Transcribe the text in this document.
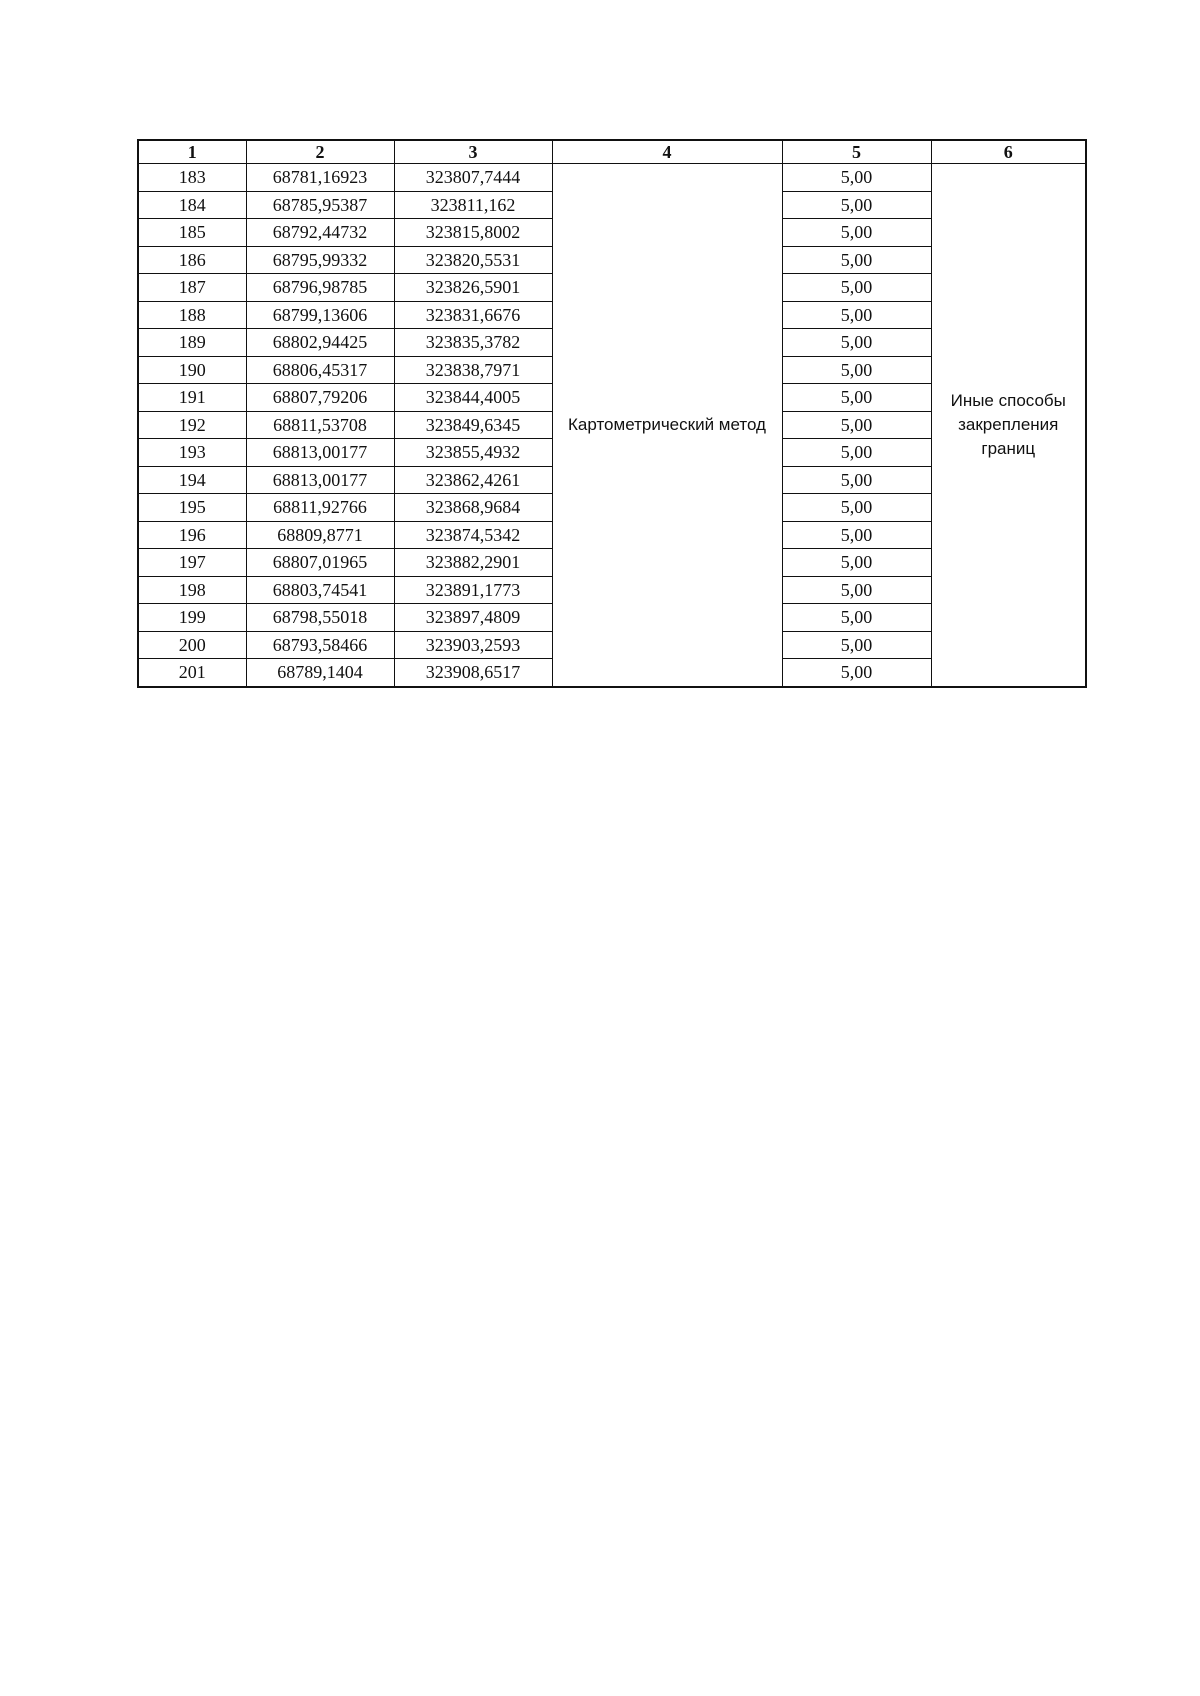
1	2	3	4	5	6
183	68781,16923	323807,7444	Картометрический метод	5,00	Иные способы
закрепления
границ

184	68785,95387	323811,162		5,00	
185	68792,44732	323815,8002		5,00	
186	68795,99332	323820,5531		5,00	
187	68796,98785	323826,5901		5,00	
188	68799,13606	323831,6676		5,00	
189	68802,94425	323835,3782		5,00	
190	68806,45317	323838,7971		5,00	
191	68807,79206	323844,4005		5,00	
192	68811,53708	323849,6345		5,00	
193	68813,00177	323855,4932		5,00	
194	68813,00177	323862,4261		5,00	
195	68811,92766	323868,9684		5,00	
196	68809,8771	323874,5342		5,00	
197	68807,01965	323882,2901		5,00	
198	68803,74541	323891,1773		5,00	
199	68798,55018	323897,4809		5,00	
200	68793,58466	323903,2593		5,00	
201	68789,1404	323908,6517		5,00	
